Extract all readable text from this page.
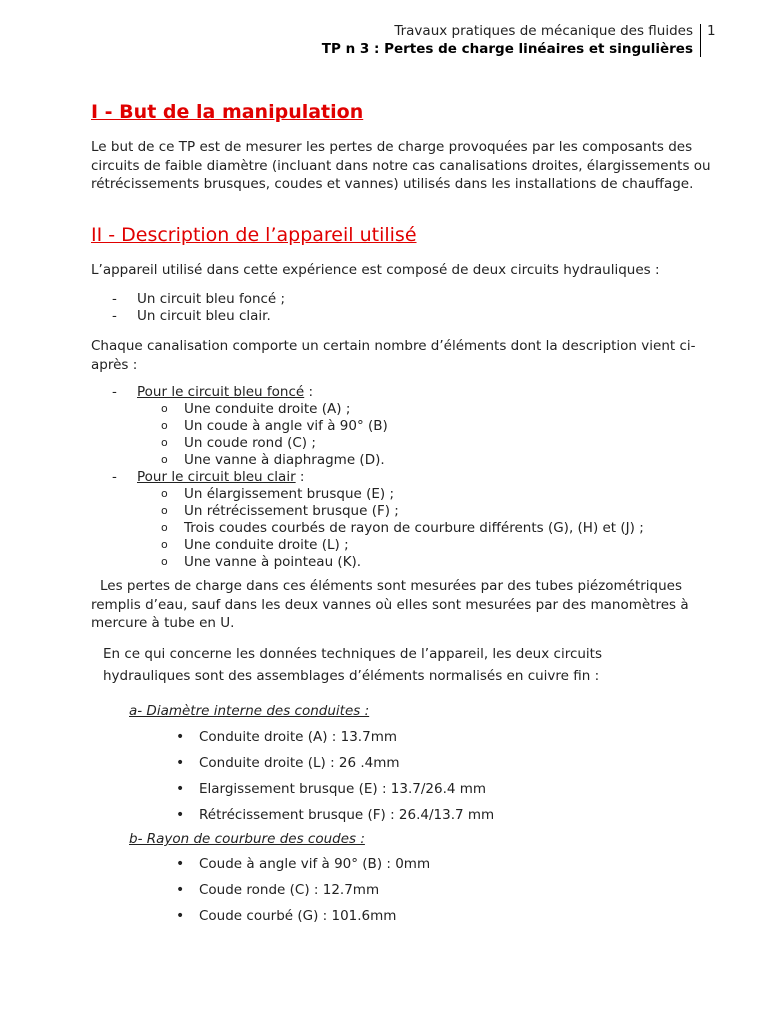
Travaux pratiques de mécanique des fluides
TP n 3 : Pertes de charge linéaires et singulières
1
I - But de la manipulation

Le but de ce TP est de mesurer les pertes de charge provoquées par les composants des circuits de faible diamètre (incluant dans notre cas canalisations droites, élargissements ou rétrécissements brusques, coudes et vannes) utilisés dans les installations de chauffage.

II - Description de l’appareil utilisé

L’appareil utilisé dans cette expérience est composé de deux circuits hydrauliques :

- Un circuit bleu foncé ;
- Un circuit bleu clair.

Chaque canalisation comporte un certain nombre d’éléments dont la description vient ci-après :

- Pour le circuit bleu foncé :
o Une conduite droite (A) ;
o Un coude à angle vif à 90° (B)
o Un coude rond (C) ;
o Une vanne à diaphragme (D).
- Pour le circuit bleu clair :
o Un élargissement brusque (E) ;
o Un rétrécissement brusque (F) ;
o Trois coudes courbés de rayon de courbure différents (G), (H) et (J) ;
o Une conduite droite (L) ;
o Une vanne à pointeau (K).

Les pertes de charge dans ces éléments sont mesurées par des tubes piézométriques remplis d’eau, sauf dans les deux vannes où elles sont mesurées par des manomètres à mercure à tube en U.

En ce qui concerne les données techniques de l’appareil, les deux circuits
hydrauliques sont des assemblages d’éléments normalisés en cuivre fin :
a- Diamètre interne des conduites :
• Conduite droite (A) : 13.7mm
• Conduite droite (L) : 26 .4mm
• Elargissement brusque (E) : 13.7/26.4 mm
• Rétrécissement brusque (F) : 26.4/13.7 mm
b- Rayon de courbure des coudes :
• Coude à angle vif à 90° (B) : 0mm
• Coude ronde (C) : 12.7mm
• Coude courbé (G) : 101.6mm
